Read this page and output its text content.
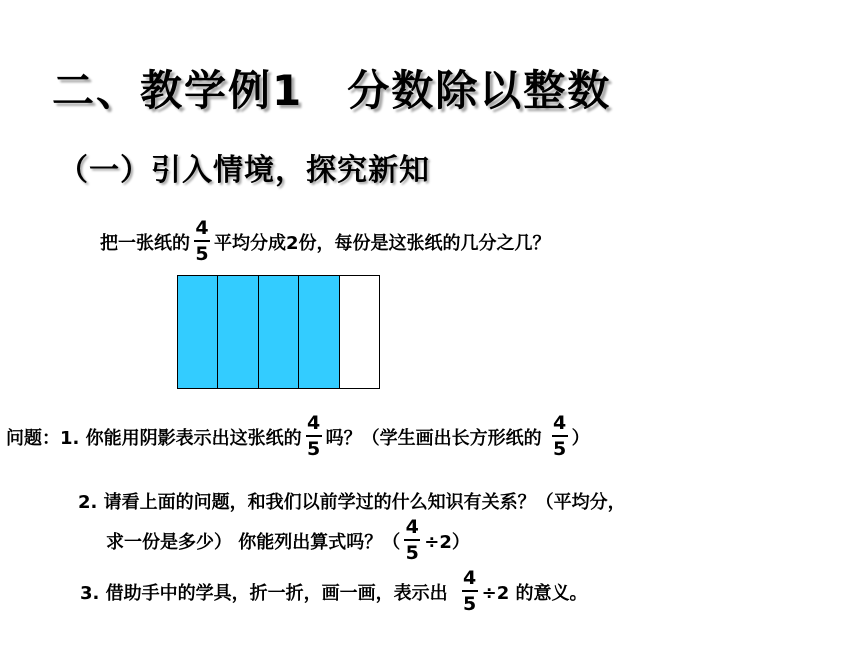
二、教学例1　分数除以整数
（一）引入情境，探究新知
把一张纸的 $\frac{4}{5}$ 平均分成2份，每份是这张纸的几分之几？
问题：1. 你能用阴影表示出这张纸的 $\frac{4}{5}$ 吗？（学生画出长方形纸的 $\frac{4}{5}$ ）
2. 请看上面的问题，和我们以前学过的什么知识有关系？（平均分，
求一份是多少） 你能列出算式吗？（ $\frac{4}{5} \div 2$）
3. 借助手中的学具，折一折，画一画，表示出 $\frac{4}{5} \div 2$ 的意义。
